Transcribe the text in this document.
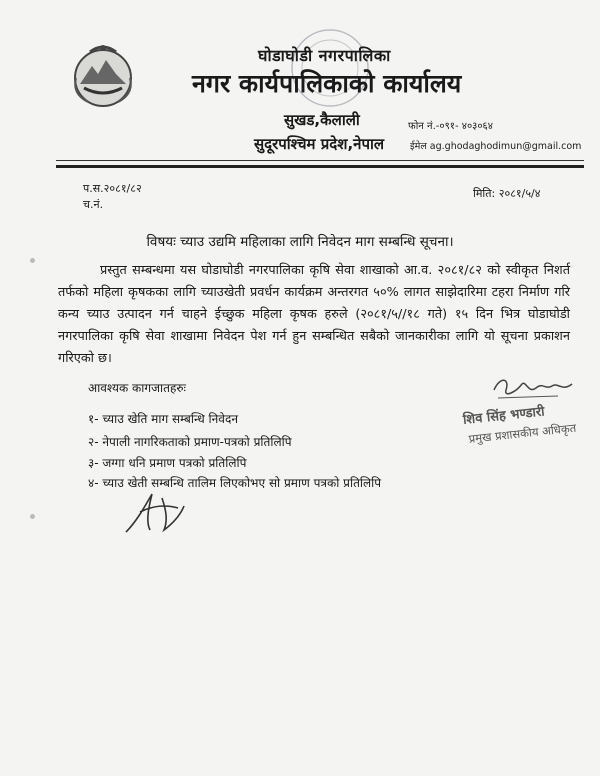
घोडाघोडी नगरपालिका
नगर कार्यपालिकाको कार्यालय
सुखड,कैलाली
सुदूरपश्चिम प्रदेश,नेपाल
फोन नं.-०९१- ४०३०६४
ईमेल ag.ghodaghodimun@gmail.com
प.स.२०८१/८२
च.नं.
मिति: २०८१/५/४
विषयः च्याउ उद्यमि महिलाका लागि निवेदन माग सम्बन्धि सूचना।
प्रस्तुत सम्बन्धमा यस घोडाघोडी नगरपालिका कृषि सेवा शाखाको आ.व. २०८१/८२ को स्वीकृत निशर्त तर्फको महिला कृषकका लागि च्याउखेती प्रवर्धन कार्यक्रम अन्तरगत ५०% लागत साझेदारिमा टहरा निर्माण गरि कन्य च्याउ उत्पादन गर्न चाहने ईच्छुक महिला कृषक हरुले (२०८१/५//१८ गते) १५ दिन भित्र घोडाघोडी नगरपालिका कृषि सेवा शाखामा निवेदन पेश गर्न हुन सम्बन्धित सबैको जानकारीका लागि यो सूचना प्रकाशन गरिएको छ।
आवश्यक कागजातहरुः
१- च्याउ खेति माग सम्बन्धि निवेदन
२- नेपाली नागरिकताको प्रमाण-पत्रको प्रतिलिपि
३- जग्गा धनि प्रमाण पत्रको प्रतिलिपि
४- च्याउ खेती सम्बन्धि तालिम लिएकोभए सो प्रमाण पत्रको प्रतिलिपि
शिव सिंह भण्डारी
प्रमुख प्रशासकीय अधिकृत
